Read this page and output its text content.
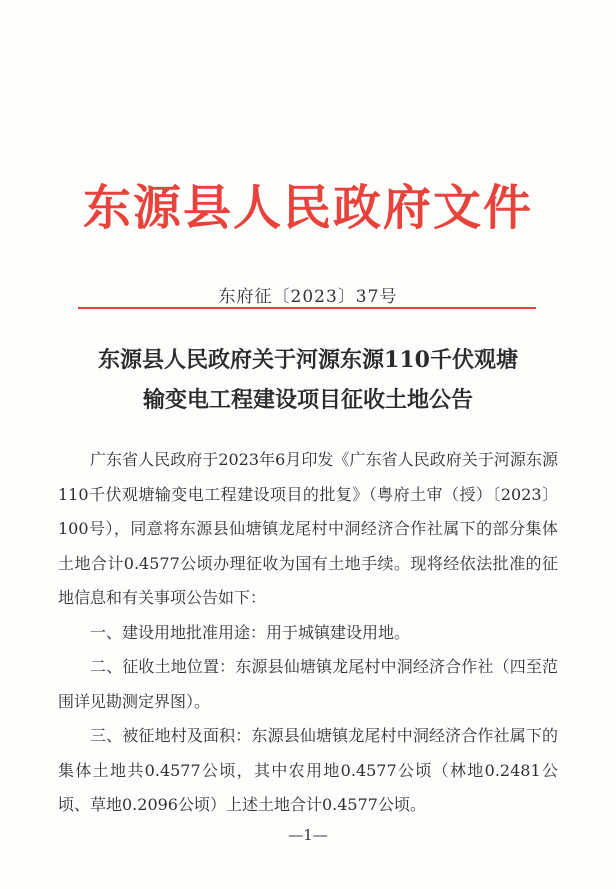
东源县人民政府文件
东府征〔2023〕37号
东源县人民政府关于河源东源110千伏观塘
输变电工程建设项目征收土地公告

广东省人民政府于2023年6月印发《广东省人民政府关于河源东源110千伏观塘输变电工程建设项目的批复》（粤府土审（授）〔2023〕100号），同意将东源县仙塘镇龙尾村中洞经济合作社属下的部分集体土地合计0.4577公顷办理征收为国有土地手续。现将经依法批准的征地信息和有关事项公告如下：

一、建设用地批准用途：用于城镇建设用地。

二、征收土地位置：东源县仙塘镇龙尾村中洞经济合作社（四至范围详见勘测定界图）。

三、被征地村及面积：东源县仙塘镇龙尾村中洞经济合作社属下的集体土地共0.4577公顷，其中农用地0.4577公顷（林地0.2481公顷、草地0.2096公顷）上述土地合计0.4577公顷。

—1—
